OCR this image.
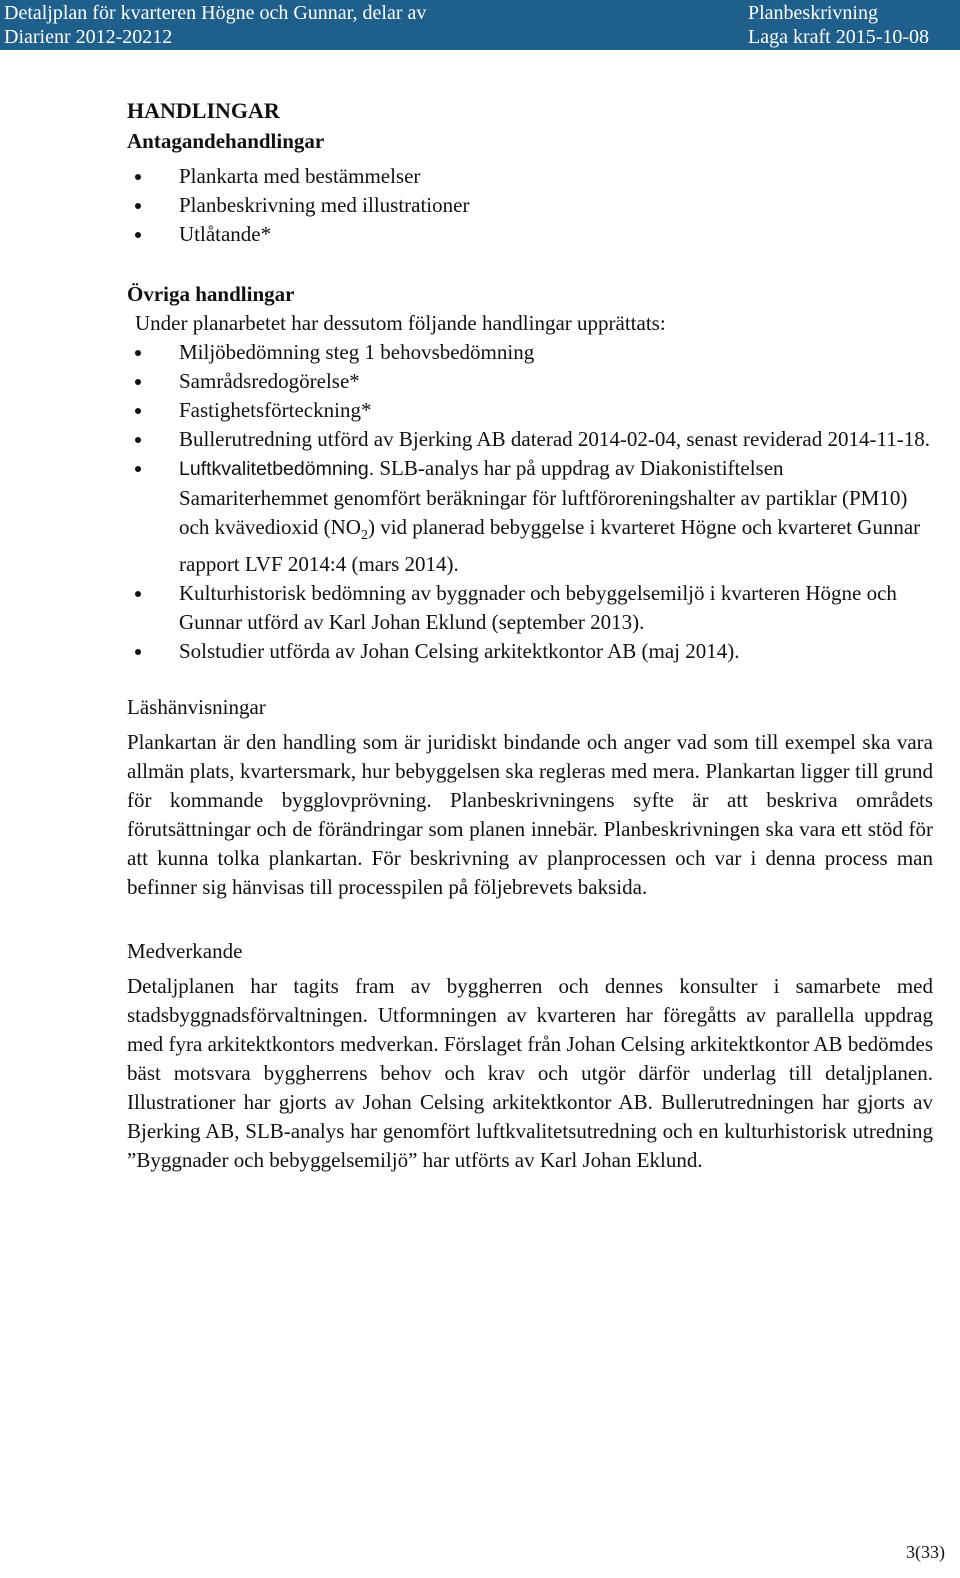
Detaljplan för kvarteren Högne och Gunnar, delar av
Diarienr 2012-20212
Planbeskrivning
Laga kraft 2015-10-08
HANDLINGAR
Antagandehandlingar
Plankarta med bestämmelser
Planbeskrivning med illustrationer
Utlåtande*
Övriga handlingar

Under planarbetet har dessutom följande handlingar upprättats:

Miljöbedömning steg 1 behovsbedömning
Samrådsredogörelse*
Fastighetsförteckning*
Bullerutredning utförd av Bjerking AB daterad 2014-02-04, senast reviderad 2014-11-18.
Luftkvalitetbedömning. SLB-analys har på uppdrag av Diakonistiftelsen Samariterhemmet genomfört beräkningar för luftföroreningshalter av partiklar (PM10) och kvävedioxid $(NO_2)$ vid planerad bebyggelse i kvarteret Högne och kvarteret Gunnar rapport LVF 2014:4 (mars 2014).
Kulturhistorisk bedömning av byggnader och bebyggelsemiljö i kvarteren Högne och Gunnar utförd av Karl Johan Eklund (september 2013).
Solstudier utförda av Johan Celsing arkitektkontor AB (maj 2014).
Läshänvisningar

Plankartan är den handling som är juridiskt bindande och anger vad som till exempel ska vara allmän plats, kvartersmark, hur bebyggelsen ska regleras med mera. Plankartan ligger till grund för kommande bygglovprövning. Planbeskrivningens syfte är att beskriva områdets förutsättningar och de förändringar som planen innebär. Planbeskrivningen ska vara ett stöd för att kunna tolka plankartan. För beskrivning av planprocessen och var i denna process man befinner sig hänvisas till processpilen på följebrevets baksida.

Medverkande

Detaljplanen har tagits fram av byggherren och dennes konsulter i samarbete med stadsbyggnadsförvaltningen. Utformningen av kvarteren har föregåtts av parallella uppdrag med fyra arkitektkontors medverkan. Förslaget från Johan Celsing arkitektkontor AB bedömdes bäst motsvara byggherrens behov och krav och utgör därför underlag till detaljplanen. Illustrationer har gjorts av Johan Celsing arkitektkontor AB. Bullerutredningen har gjorts av Bjerking AB, SLB-analys har genomfört luftkvalitetsutredning och en kulturhistorisk utredning ”Byggnader och bebyggelsemiljö” har utförts av Karl Johan Eklund.

3(33)
